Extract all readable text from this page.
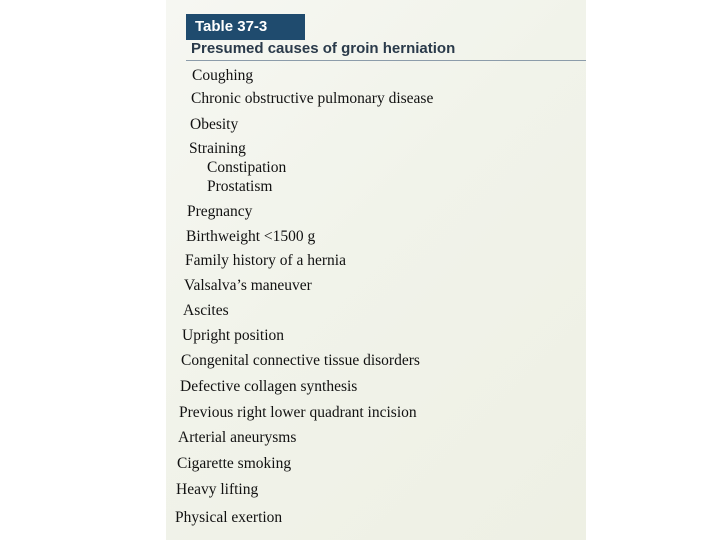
Table 37-3
Presumed causes of groin herniation
Coughing
Chronic obstructive pulmonary disease
Obesity
Straining
Constipation
Prostatism
Pregnancy
Birthweight <1500 g
Family history of a hernia
Valsalva’s maneuver
Ascites
Upright position
Congenital connective tissue disorders
Defective collagen synthesis
Previous right lower quadrant incision
Arterial aneurysms
Cigarette smoking
Heavy lifting
Physical exertion
